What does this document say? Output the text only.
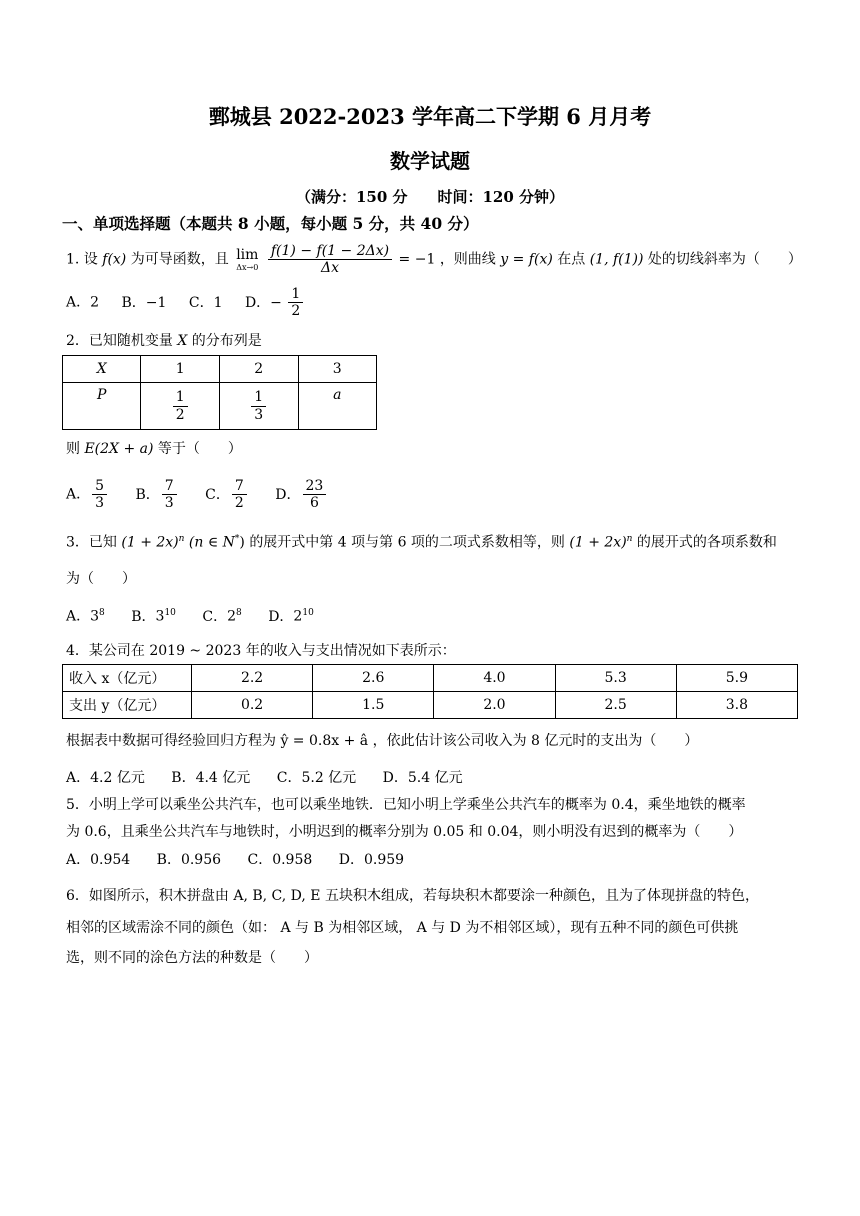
鄄城县 2022-2023 学年高二下学期 6 月月考
数学试题
（满分：150 分　　时间：120 分钟）
一、单项选择题（本题共 8 小题，每小题 5 分，共 40 分）
1. 设 f(x) 为可导函数，且 lim
Δx→0
$\frac{f(1) - f(1 - 2\Delta x)}{\Delta x} = -1$ ，则曲线 y = f(x) 在点 (1, f(1)) 处的切线斜率为（　　）
A．2 B．−1 C．1 D．− $\frac{1}{2}$
2．已知随机变量 X 的分布列是
X	1	2	3
P	$\frac{1}{2}$	$\frac{1}{3}$	a
则 E(2X + a) 等于（　　）
A． $\frac{5}{3}$ B． $\frac{7}{3}$ C． $\frac{7}{2}$ D． $\frac{23}{6}$
3．已知 $(1 + 2x)^n$ (n ∈ N*) 的展开式中第 4 项与第 6 项的二项式系数相等，则 $(1 + 2x)^n$ 的展开式的各项系数和
为（　　）
A．$3^8$ B．$3^{10}$ C．$2^8$ D．$2^{10}$
4．某公司在 2019 ~ 2023 年的收入与支出情况如下表所示：
收入 x（亿元）	2.2	2.6	4.0	5.3	5.9
支出 y（亿元）	0.2	1.5	2.0	2.5	3.8
根据表中数据可得经验回归方程为 ŷ = 0.8x + â ，依此估计该公司收入为 8 亿元时的支出为（　　）
A．4.2 亿元 B．4.4 亿元 C．5.2 亿元 D．5.4 亿元
5．小明上学可以乘坐公共汽车，也可以乘坐地铁．已知小明上学乘坐公共汽车的概率为 0.4，乘坐地铁的概率
为 0.6，且乘坐公共汽车与地铁时，小明迟到的概率分别为 0.05 和 0.04，则小明没有迟到的概率为（　　）
A．0.954 B．0.956 C．0.958 D．0.959
6．如图所示，积木拼盘由 A, B, C, D, E 五块积木组成，若每块积木都要涂一种颜色，且为了体现拼盘的特色，
相邻的区域需涂不同的颜色（如： A 与 B 为相邻区域， A 与 D 为不相邻区域），现有五种不同的颜色可供挑
选，则不同的涂色方法的种数是（　　）
